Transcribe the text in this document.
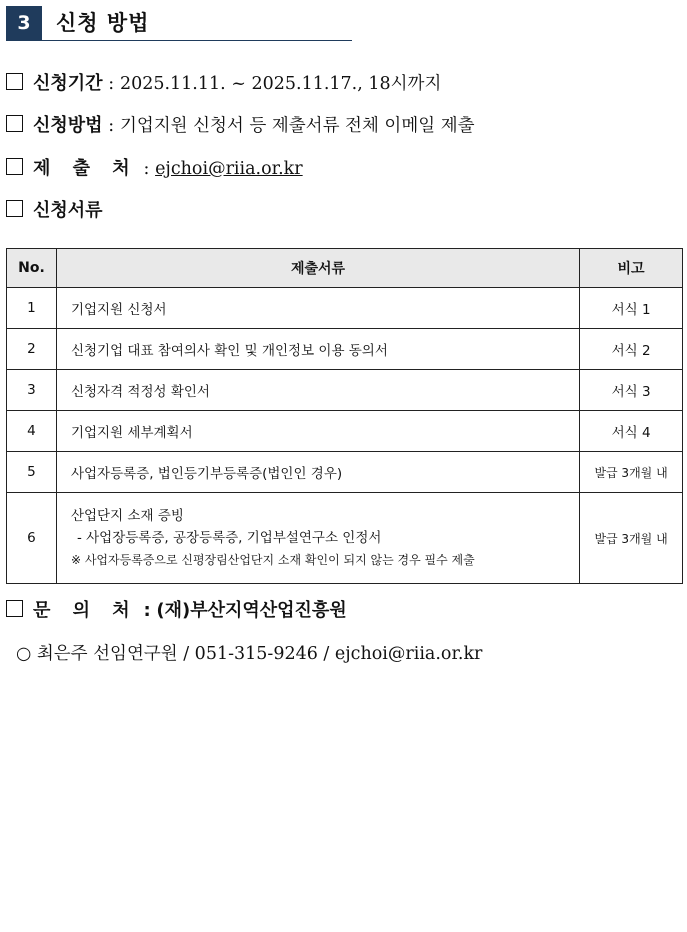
3	신청 방법
신청기간 : 2025.11.11. ~ 2025.11.17., 18시까지
신청방법 : 기업지원 신청서 등 제출서류 전체 이메일 제출
제 출 처 : ejchoi@riia.or.kr
신청서류
No.	제출서류	비고
1	기업지원 신청서	서식 1
2	신청기업 대표 참여의사 확인 및 개인정보 이용 동의서	서식 2
3	신청자격 적정성 확인서	서식 3
4	기업지원 세부계획서	서식 4
5	사업자등록증, 법인등기부등록증(법인인 경우)	발급 3개월 내
6	산업단지 소재 증빙
- 사업장등록증, 공장등록증, 기업부설연구소 인정서
※ 사업자등록증으로 신평장림산업단지 소재 확인이 되지 않는 경우 필수 제출	발급 3개월 내
문 의 처 : (재)부산지역산업진흥원
○ 최은주 선임연구원 / 051-315-9246 / ejchoi@riia.or.kr
